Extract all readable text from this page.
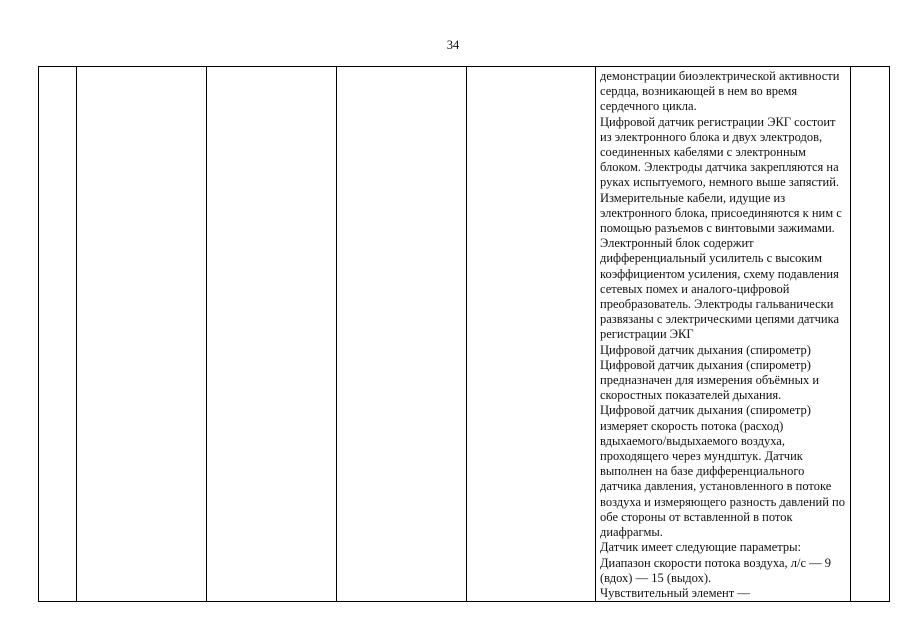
34

демонстрации биоэлектрической активности сердца, возникающей в нем во время сердечного цикла.

Цифровой датчик регистрации ЭКГ состоит из электронного блока и двух электродов, соединенных кабелями с электронным блоком. Электроды датчика закрепляются на руках испытуемого, немного выше запястий. Измерительные кабели, идущие из электронного блока, присоединяются к ним с помощью разъемов с винтовыми зажимами.

Электронный блок содержит дифференциальный усилитель с высоким коэффициентом усиления, схему подавления сетевых помех и аналого-цифровой преобразователь. Электроды гальванически развязаны с электрическими цепями датчика регистрации ЭКГ

Цифровой датчик дыхания (спирометр)

Цифровой датчик дыхания (спирометр) предназначен для измерения объёмных и скоростных показателей дыхания.

Цифровой датчик дыхания (спирометр) измеряет скорость потока (расход) вдыхаемого/выдыхаемого воздуха, проходящего через мундштук. Датчик выполнен на базе дифференциального датчика давления, установленного в потоке воздуха и измеряющего разность давлений по обе стороны от вставленной в поток диафрагмы.

Датчик имеет следующие параметры:

Диапазон скорости потока воздуха, л/с — 9 (вдох) — 15 (выдох).

Чувствительный элемент —
